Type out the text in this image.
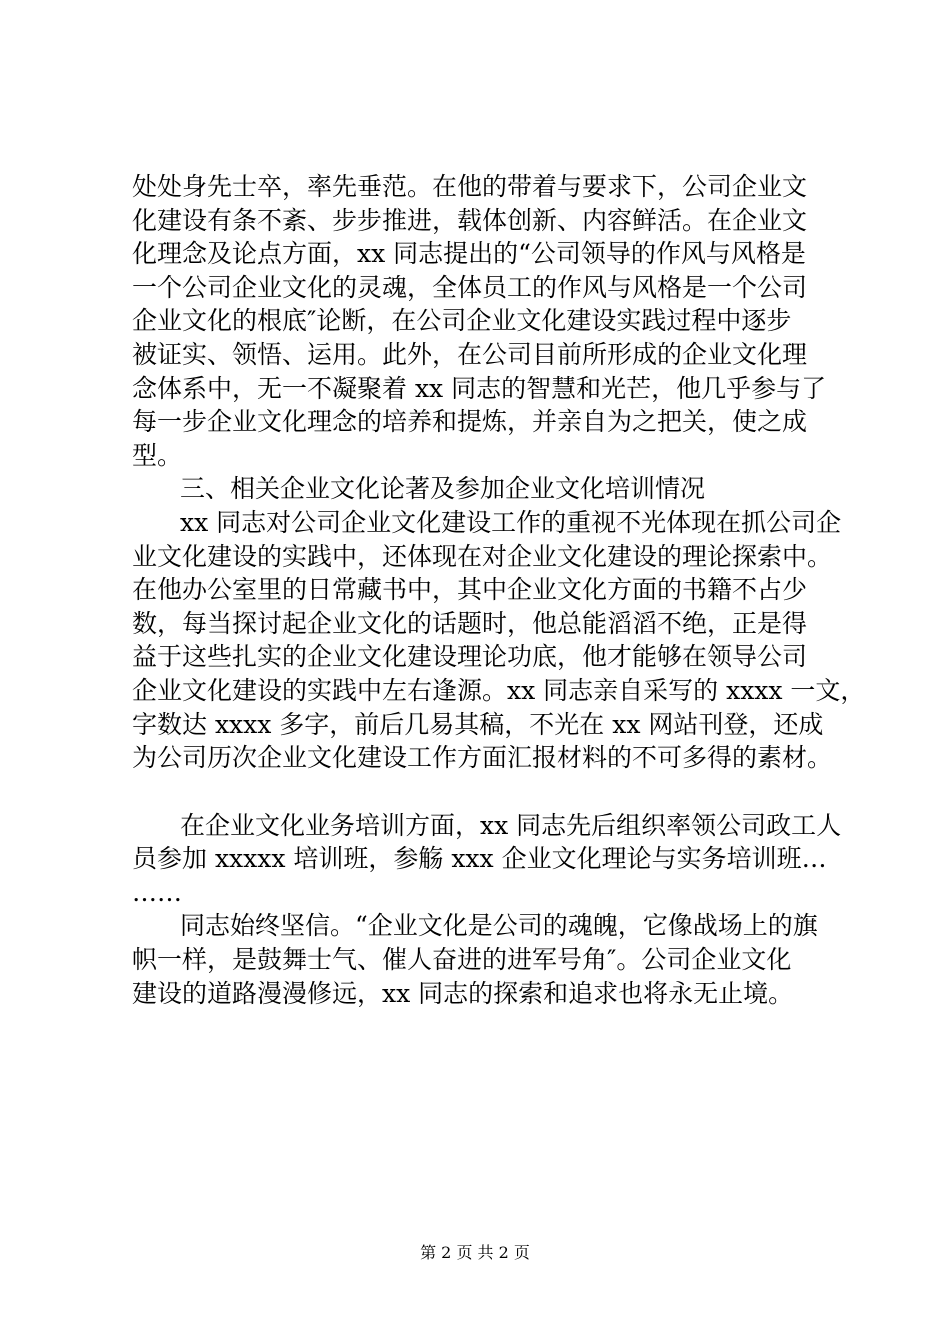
处处身先士卒，率先垂范。在他的带着与要求下，公司企业文
化建设有条不紊、步步推进，载体创新、内容鲜活。在企业文
化理念及论点方面，xx 同志提出的“公司领导的作风与风格是
一个公司企业文化的灵魂，全体员工的作风与风格是一个公司
企业文化的根底″论断，在公司企业文化建设实践过程中逐步
被证实、领悟、运用。此外，在公司目前所形成的企业文化理
念体系中，无一不凝聚着 xx 同志的智慧和光芒，他几乎参与了
每一步企业文化理念的培养和提炼，并亲自为之把关，使之成
型。
三、相关企业文化论著及参加企业文化培训情况
xx 同志对公司企业文化建设工作的重视不光体现在抓公司企
业文化建设的实践中，还体现在对企业文化建设的理论探索中。
在他办公室里的日常藏书中，其中企业文化方面的书籍不占少
数，每当探讨起企业文化的话题时，他总能滔滔不绝，正是得
益于这些扎实的企业文化建设理论功底，他才能够在领导公司
企业文化建设的实践中左右逢源。xx 同志亲自采写的 xxxx 一文，
字数达 xxxx 多字，前后几易其稿，不光在 xx 网站刊登，还成
为公司历次企业文化建设工作方面汇报材料的不可多得的素材。
在企业文化业务培训方面，xx 同志先后组织率领公司政工人
员参加 xxxxx 培训班，参觞 xxx 企业文化理论与实务培训班…
……
同志始终坚信。“企业文化是公司的魂魄，它像战场上的旗
帜一样，是鼓舞士气、催人奋进的进军号角″。公司企业文化
建设的道路漫漫修远，xx 同志的探索和追求也将永无止境。
第 2 页 共 2 页
